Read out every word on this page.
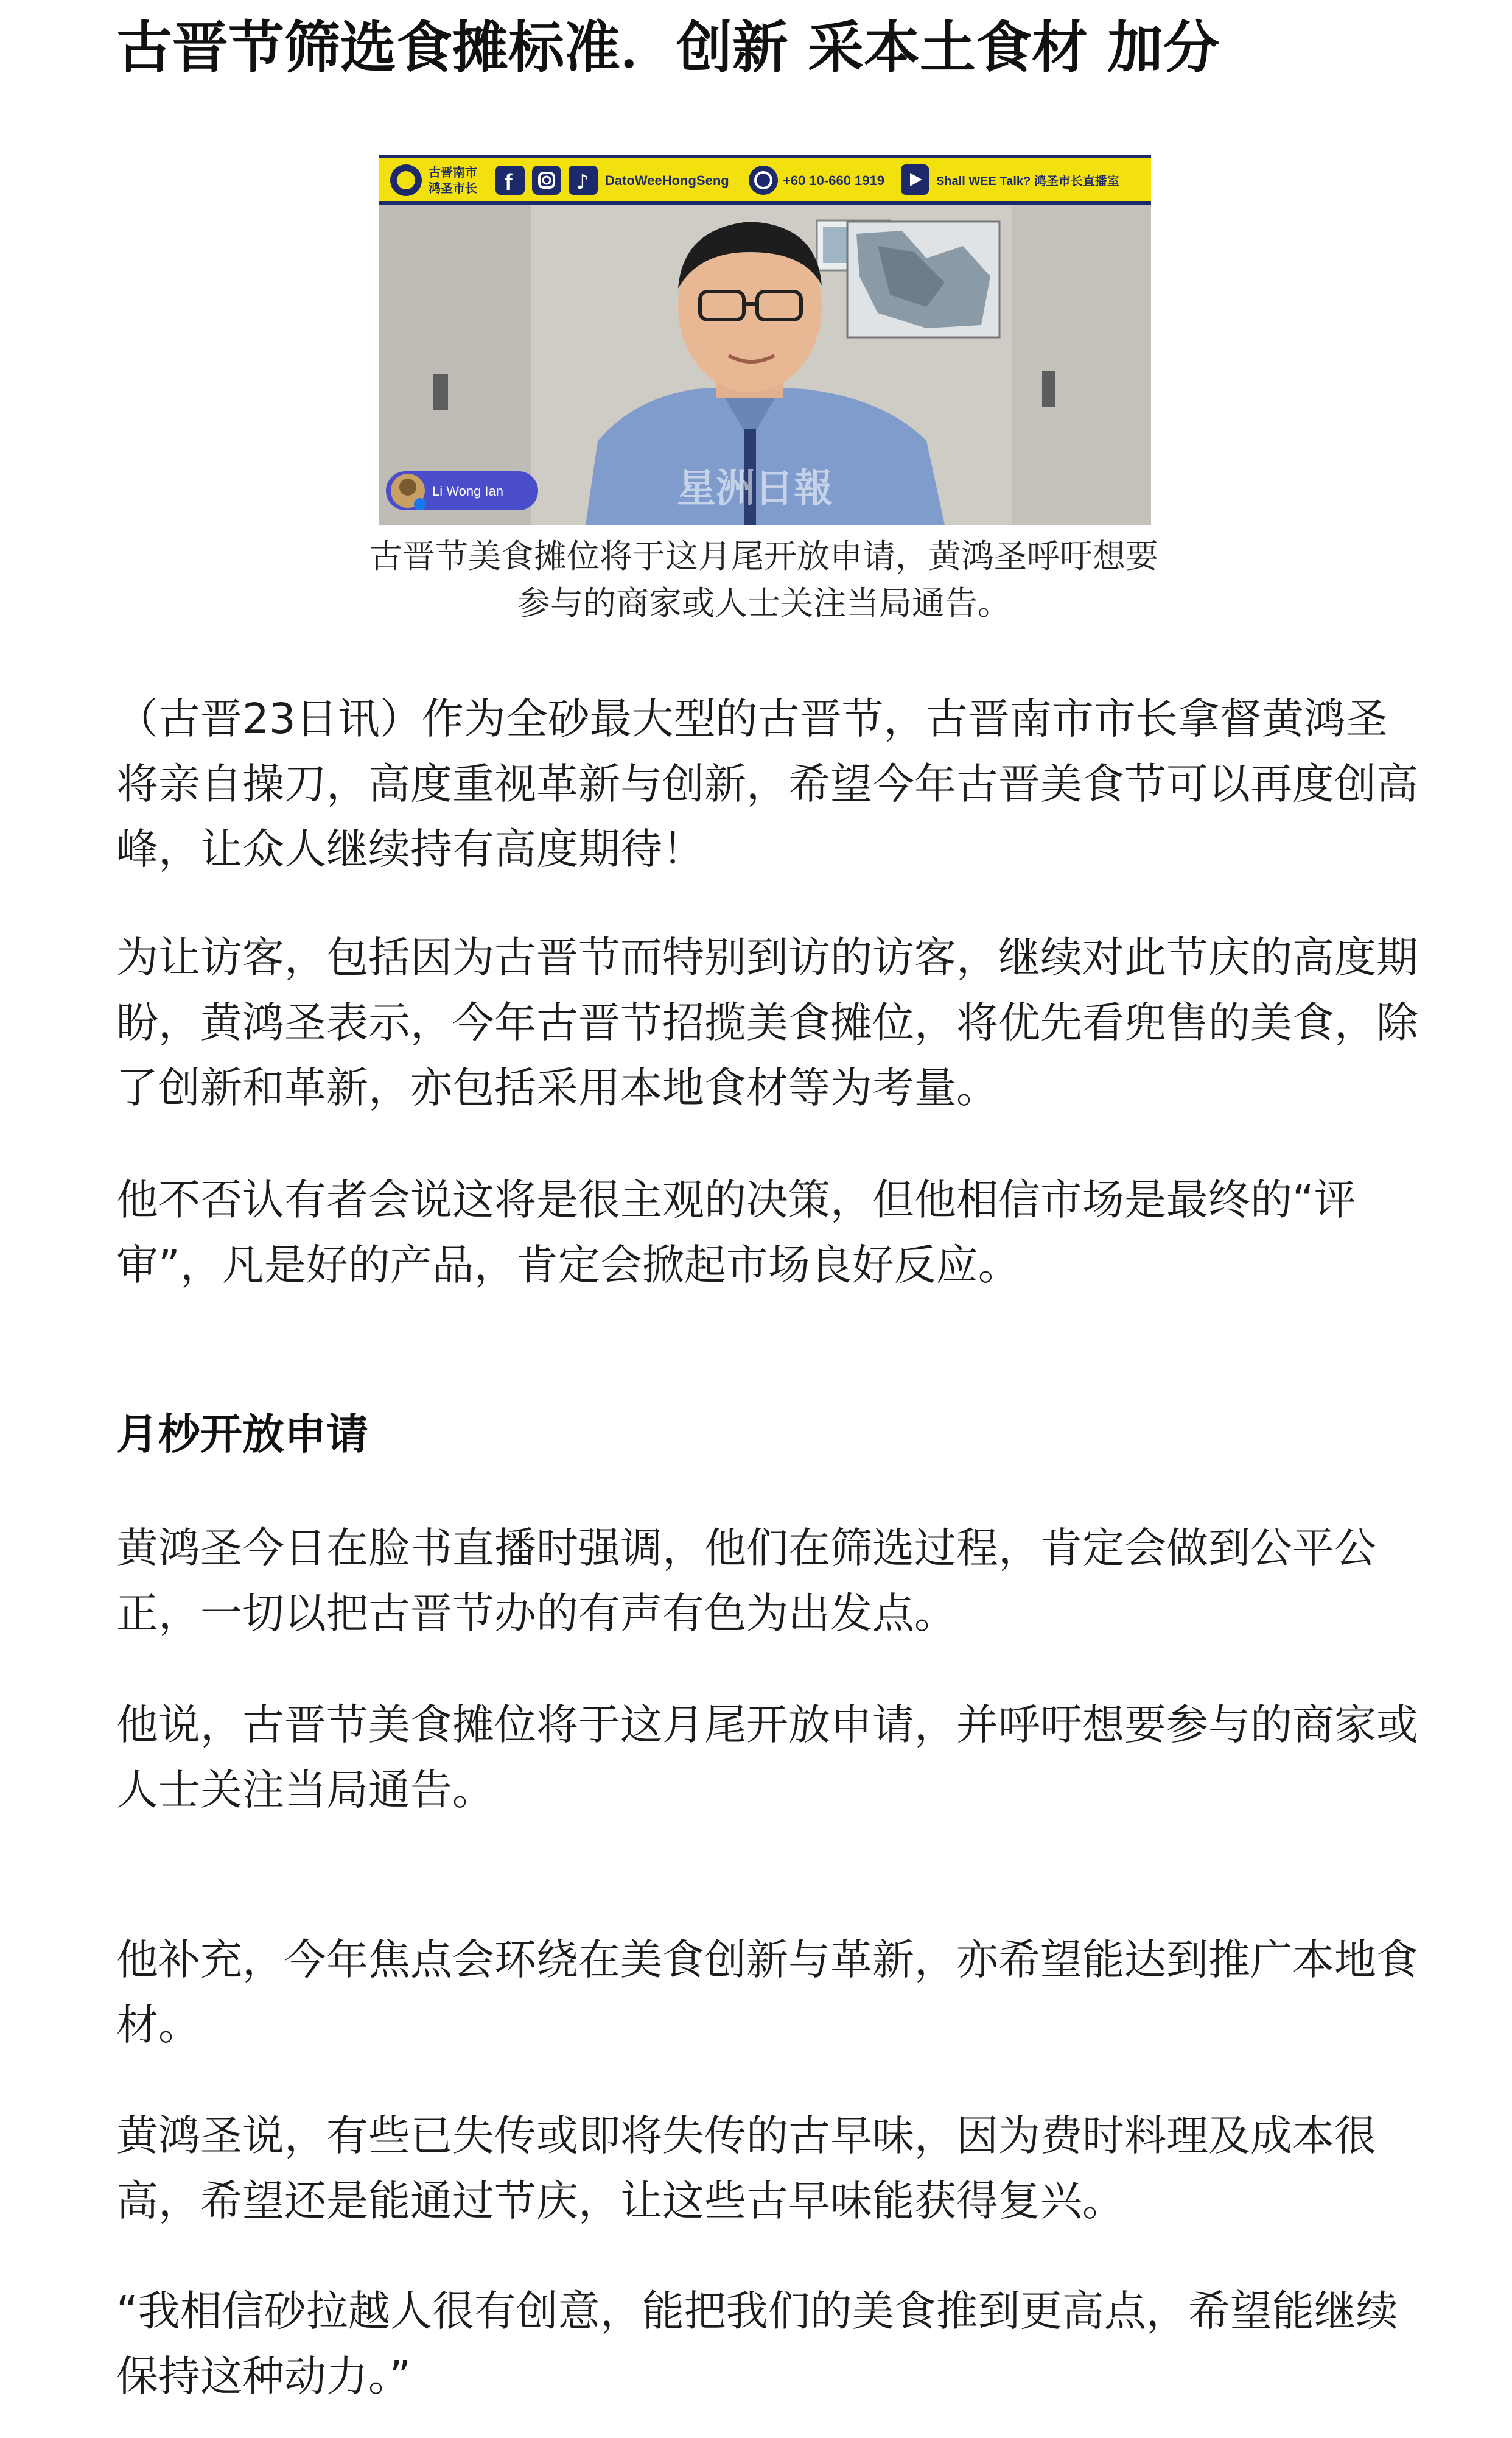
古晋节筛选食摊标准．创新 采本土食材 加分
古晋南市
鸿圣市长 f	♪ DatoWeeHongSeng	+60 10-660 1919	Shall WEE Talk? 鸿圣市长直播室
Li Wong Ian	星洲日報

古晋节美食摊位将于这月尾开放申请，黄鸿圣呼吁想要参与的商家或人士关注当局通告。

（古晋23日讯）作为全砂最大型的古晋节，古晋南市市长拿督黄鸿圣将亲自操刀，高度重视革新与创新，希望今年古晋美食节可以再度创高峰，让众人继续持有高度期待！

为让访客，包括因为古晋节而特别到访的访客，继续对此节庆的高度期盼，黄鸿圣表示，今年古晋节招揽美食摊位，将优先看兜售的美食，除了创新和革新，亦包括采用本地食材等为考量。

他不否认有者会说这将是很主观的决策，但他相信市场是最终的“评审”，凡是好的产品，肯定会掀起市场良好反应。

月杪开放申请

黄鸿圣今日在脸书直播时强调，他们在筛选过程，肯定会做到公平公正，一切以把古晋节办的有声有色为出发点。

他说，古晋节美食摊位将于这月尾开放申请，并呼吁想要参与的商家或人士关注当局通告。

他补充，今年焦点会环绕在美食创新与革新，亦希望能达到推广本地食材。

黄鸿圣说，有些已失传或即将失传的古早味，因为费时料理及成本很高，希望还是能通过节庆，让这些古早味能获得复兴。

“我相信砂拉越人很有创意，能把我们的美食推到更高点，希望能继续保持这种动力。”
